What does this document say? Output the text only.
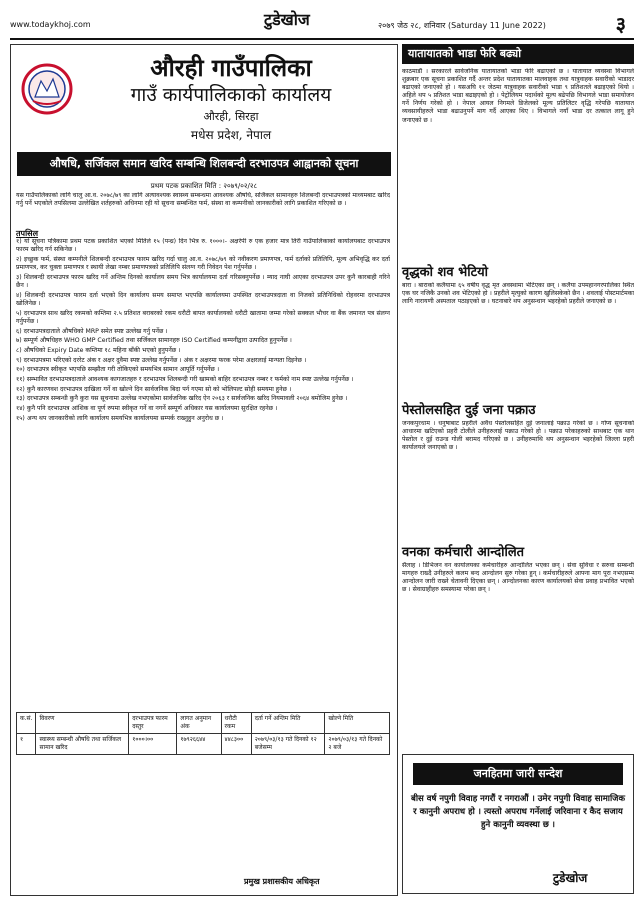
www.todaykhoj.com	टुडेखोज	२०७९ जेठ २८, शनिवार (Saturday 11 June 2022)	३
औरही गाउँपालिका
गाउँ कार्यपालिकाको कार्यालय
औरही, सिरहा
मधेस प्रदेश, नेपाल
औषधि, सर्जिकल समान खरिद सम्बन्धि शिलबन्दी दरभाउपत्र आह्वानको सूचना
प्रथम पटक प्रकाशित मिति : २०७९/०२/२८
यस गाउँपालिकाको लागि चालु आ.व. २०७८/७९ का लागि अत्यावश्यक स्वास्थ्य सम्बन्धमा आवश्यक औषधि, सर्जिकल सामानहरु शिलबन्दी दरभाउपत्रको माध्यमबाट खरिद गर्नु पर्ने भएकोले तपसिलमा उल्लेखित शर्तहरुको अधिनमा रही यो सूचना सम्बन्धित फर्म, संस्था वा कम्पनीको जानकारीको लागि प्रकाशित गरिएको छ ।
तपसिल
१) यो सूचना पत्रिकामा प्रथम पटक प्रकाशित भएको मितिले १५ (पन्ध्र) दिन भित्र रु. १०००।- अक्षरेपी रु एक हजार मात्र तिरी गाउँपालिकाको कार्यालयबाट दरभाउपत्र फारम खरिद गर्न सकिनेछ ।
२) इच्छुक फर्म, संस्था कम्पनीले शिलबन्दी दरभाउपत्र फारम खरिद गर्दा चालु आ.व. २०७८/७९ को नवीकरण प्रमाणपत्र, फर्म दर्ताको प्रतिलिपि, मूल्य अभिवृद्धि कर दर्ता प्रमाणपत्र, कर चुक्ता प्रमाणपत्र र स्थायी लेखा नम्बर प्रमाणपत्रको प्रतिलिपि संलग्न गरी निवेदन पेश गर्नुपर्नेछ ।
३) शिलबन्दी दरभाउपत्र फारम खरिद गर्ने अन्तिम दिनको कार्यालय समय भित्र कार्यालयमा दर्ता गरिसक्नुपर्नेछ । म्याद नाघी आएका दरभाउपत्र उपर कुनै कारबाही गरिने छैन ।
४) शिलबन्दी दरभाउपत्र फारम दर्ता भएको दिन कार्यालय समय समाप्त भएपछि कार्यालयमा उपस्थित दरभाउपत्रदाता वा निजको प्रतिनिधिको रोहवरमा दरभाउपत्र खोलिनेछ ।
५) दरभाउपत्र साथ खरिद रकमको कम्तिमा २.५ प्रतिशत बराबरको रकम धरौटी बापत कार्यालयको धरौटी खातामा जम्मा गरेको सक्कल भौचर वा बैंक जमानत पत्र संलग्न गर्नुपर्नेछ ।
६) दरभाउपत्रदाताले औषधिको MRP समेत स्पष्ट उल्लेख गर्नु पर्नेछ ।
७) सम्पूर्ण औषधिहरु WHO GMP Certified तथा सर्जिकल सामानहरु ISO Certified कम्पनीद्वारा उत्पादित हुनुपर्नेछ ।
८) औषधिको Expiry Date कम्तिमा १८ महिना बाँकी भएको हुनुपर्नेछ ।
९) दरभाउपत्रमा भरिएको दररेट अंक र अक्षर दुवैमा स्पष्ट उल्लेख गर्नुपर्नेछ । अंक र अक्षरमा फरक परेमा अक्षरलाई मान्यता दिइनेछ ।
१०) दरभाउपत्र स्वीकृत भएपछि सम्झौता गरी तोकिएको समयभित्र सामान आपूर्ति गर्नुपर्नेछ ।
११) सम्भावित दरभाउपत्रदाताले आवश्यक कागजातहरु र दरभाउपत्र शिलबन्दी गरी खामको बाहिर दरभाउपत्र नम्बर र फर्मको नाम स्पष्ट उल्लेख गर्नुपर्नेछ ।
१२) कुनै कारणवश दरभाउपत्र दाखिला गर्ने वा खोल्ने दिन सार्वजनिक बिदा पर्न गएमा सो को भोलिपल्ट सोही समयमा हुनेछ ।
१३) दरभाउपत्र सम्बन्धी कुनै कुरा यस सूचनामा उल्लेख नभएकोमा सार्वजनिक खरिद ऐन २०६३ र सार्वजनिक खरिद नियमावली २०६४ बमोजिम हुनेछ ।
१४) कुनै पनि दरभाउपत्र आंशिक वा पूर्ण रुपमा स्वीकृत गर्ने वा नगर्ने सम्पूर्ण अधिकार यस कार्यालयमा सुरक्षित रहनेछ ।
१५) अन्य थप जानकारीको लागि कार्यालय समयभित्र कार्यालयमा सम्पर्क राख्नुहुन अनुरोध छ ।
क.सं.	विवरण	दरभाउपत्र फारम दस्तुर	लागत अनुमान अंक	धरौटी रकम	दर्ता गर्ने अन्तिम मिति	खोल्ने मिति
१	स्वास्थ्य सम्बन्धी औषधि तथा सर्जिकल सामान खरिद	१०००।००	१७९२६६४४	४४८३००	२०७९/०३/१३ गते दिनको १२ बजेसम्म	२०७९/०३/१३ गते दिनको २ बजे
प्रमुख प्रशासकीय अधिकृत
यातायातको भाडा फेरि बढ्यो
काठमाडौं । सरकारले सार्वजनिक यातायातको भाडा फेरि बढाएको छ । यातायात व्यवस्था विभागले शुक्रबार एक सूचना प्रकाशित गर्दै अन्तर प्रदेश यातायातका मालवाहक तथा यात्रुवाहक सवारीको भाडादर बढाएको जनाएको हो । यसअघि ११ जेठमा यात्रुवाहक सवारीको भाडा ९ प्रतिशतले बढाइएको थियो । अहिले थप ५ प्रतिशत भाडा बढाइएको हो । पेट्रोलियम पदार्थको मूल्य बढेपछि विभागले भाडा समायोजन गर्ने निर्णय गरेको हो । नेपाल आयल निगमले डिजेलको मूल्य प्रतिलिटर वृद्धि गरेपछि यातायात व्यवसायीहरुले भाडा बढाउनुपर्ने माग गर्दै आएका थिए । विभागले नयाँ भाडा दर तत्काल लागू हुने जनाएको छ ।
वृद्धको शव भेटियो
बारा । बाराको कलैयामा ६५ वर्षीय वृद्ध मृत अवस्थामा भेटिएका छन् । कलैया उपमहानगरपालिका स्थित एक घर नजिकै उनको शव भेटिएको हो । प्रहरीले मृत्युको कारण खुलिसकेको छैन । शवलाई पोस्टमार्टमका लागि नारायणी अस्पताल पठाइएको छ । घटनाबारे थप अनुसन्धान भइरहेको प्रहरीले जनाएको छ ।
पेस्तोलसहित दुई जना पक्राउ
जनकपुरधाम । धनुषाबाट प्रहरीले अवैध पेस्तोलसहित दुई जनालाई पक्राउ गरेको छ । गोप्य सूचनाको आधारमा खटिएको प्रहरी टोलीले उनीहरुलाई पक्राउ गरेको हो । पक्राउ परेकाहरुको साथबाट एक थान पेस्तोल र दुई राउन्ड गोली बरामद गरिएको छ । उनीहरुमाथि थप अनुसन्धान भइरहेको जिल्ला प्रहरी कार्यालयले जनाएको छ ।
वनका कर्मचारी आन्दोलित
सैलाह । डिभिजन वन कार्यालयका कर्मचारीहरु आन्दोलित भएका छन् । सेवा सुविधा र सरुवा सम्बन्धी मागहरु राख्दै उनीहरुले कलम बन्द आन्दोलन सुरु गरेका हुन् । कर्मचारीहरुले आफ्ना माग पूरा नभएसम्म आन्दोलन जारी राख्ने चेतावनी दिएका छन् । आन्दोलनका कारण कार्यालयको सेवा प्रवाह प्रभावित भएको छ । सेवाग्राहीहरु समस्यामा परेका छन् ।
जनहितमा जारी सन्देश
बीस वर्ष नपुगी विवाह नगरौं र नगराऔं । उमेर नपुगी विवाह सामाजिक र कानुनी अपराध हो । त्यस्तो अपराध गर्नेलाई जरिवाना र कैद सजाय हुने कानुनी व्यवस्था छ ।
टुडेखोज
